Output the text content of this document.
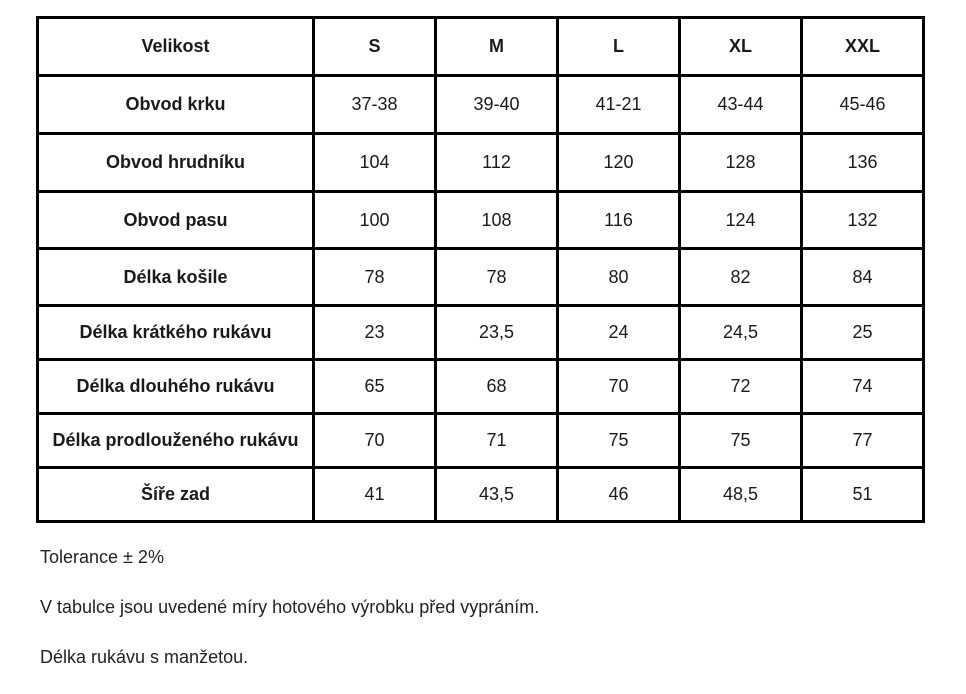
Velikost	S	M	L	XL	XXL
Obvod krku	37-38	39-40	41-21	43-44	45-46
Obvod hrudníku	104	112	120	128	136
Obvod pasu	100	108	116	124	132
Délka košile	78	78	80	82	84
Délka krátkého rukávu	23	23,5	24	24,5	25
Délka dlouhého rukávu	65	68	70	72	74
Délka prodlouženého rukávu	70	71	75	75	77
Šíře zad	41	43,5	46	48,5	51

Tolerance ± 2%

V tabulce jsou uvedené míry hotového výrobku před vypráním.

Délka rukávu s manžetou.
